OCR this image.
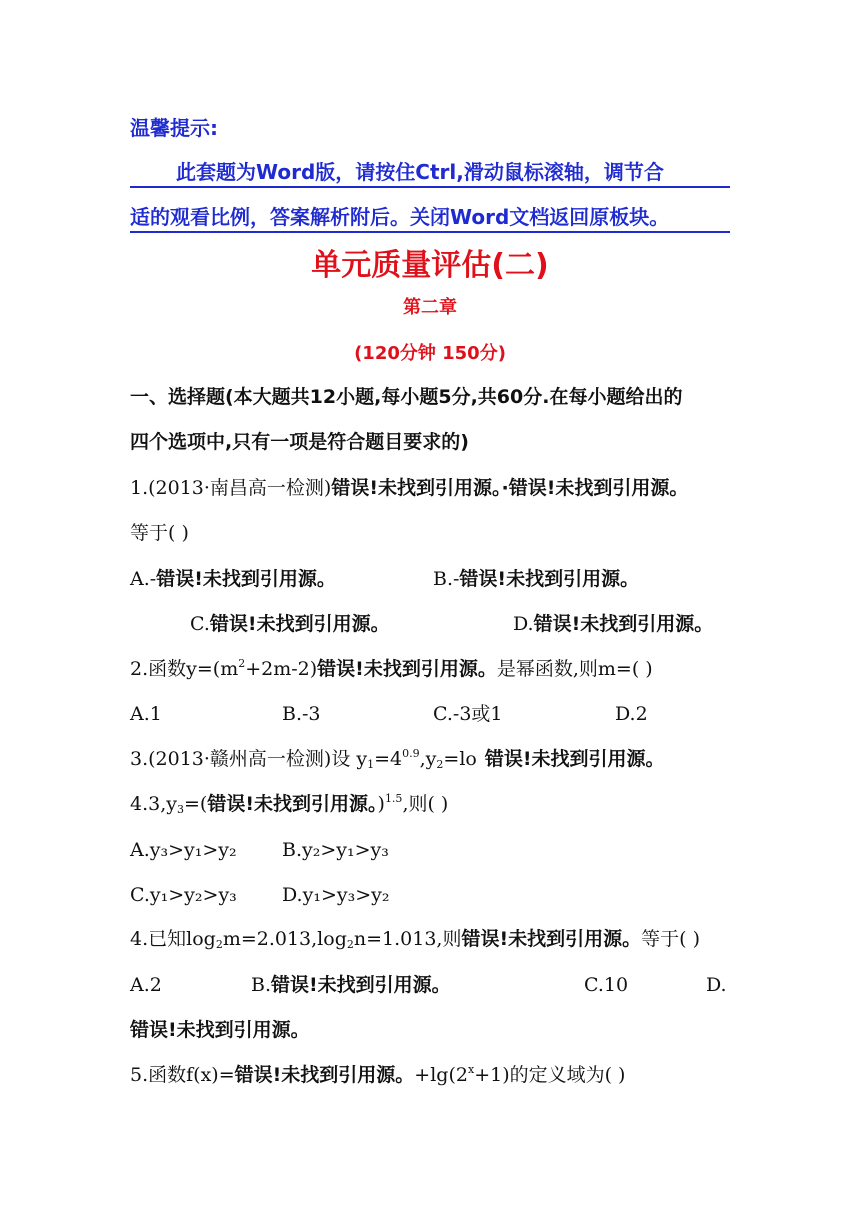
温馨提示:
此套题为Word版，请按住Ctrl,滑动鼠标滚轴，调节合
适的观看比例，答案解析附后。关闭Word文档返回原板块。
单元质量评估(二)
第二章
(120分钟 150分)
一、选择题(本大题共12小题,每小题5分,共60分.在每小题给出的
四个选项中,只有一项是符合题目要求的)
1.(2013·南昌高一检测)错误!未找到引用源。·错误!未找到引用源。
等于( )
A.-错误!未找到引用源。	B.-错误!未找到引用源。
C.错误!未找到引用源。	D.错误!未找到引用源。
2.函数$y=(m^2+2m-2)$错误!未找到引用源。是幂函数,则m=( )
A.1	B.-3	C.-3或1	D.2
3.(2013·赣州高一检测)设 $y_1=4^{0.9},y_2=lo$ 错误!未找到引用源。
$4.3,y_3=$(错误!未找到引用源。)$^{1.5}$,则( )
A.y₃>y₁>y₂ B.y₂>y₁>y₃
C.y₁>y₂>y₃ D.y₁>y₃>y₂
4.已知$\log_2m=2.013,\log_2n=1.013$,则错误!未找到引用源。等于( )
A.2	B.错误!未找到引用源。	C.10	D.
错误!未找到引用源。
5.函数f(x)=错误!未找到引用源。$+\lg(2^x+1)$的定义域为( )
